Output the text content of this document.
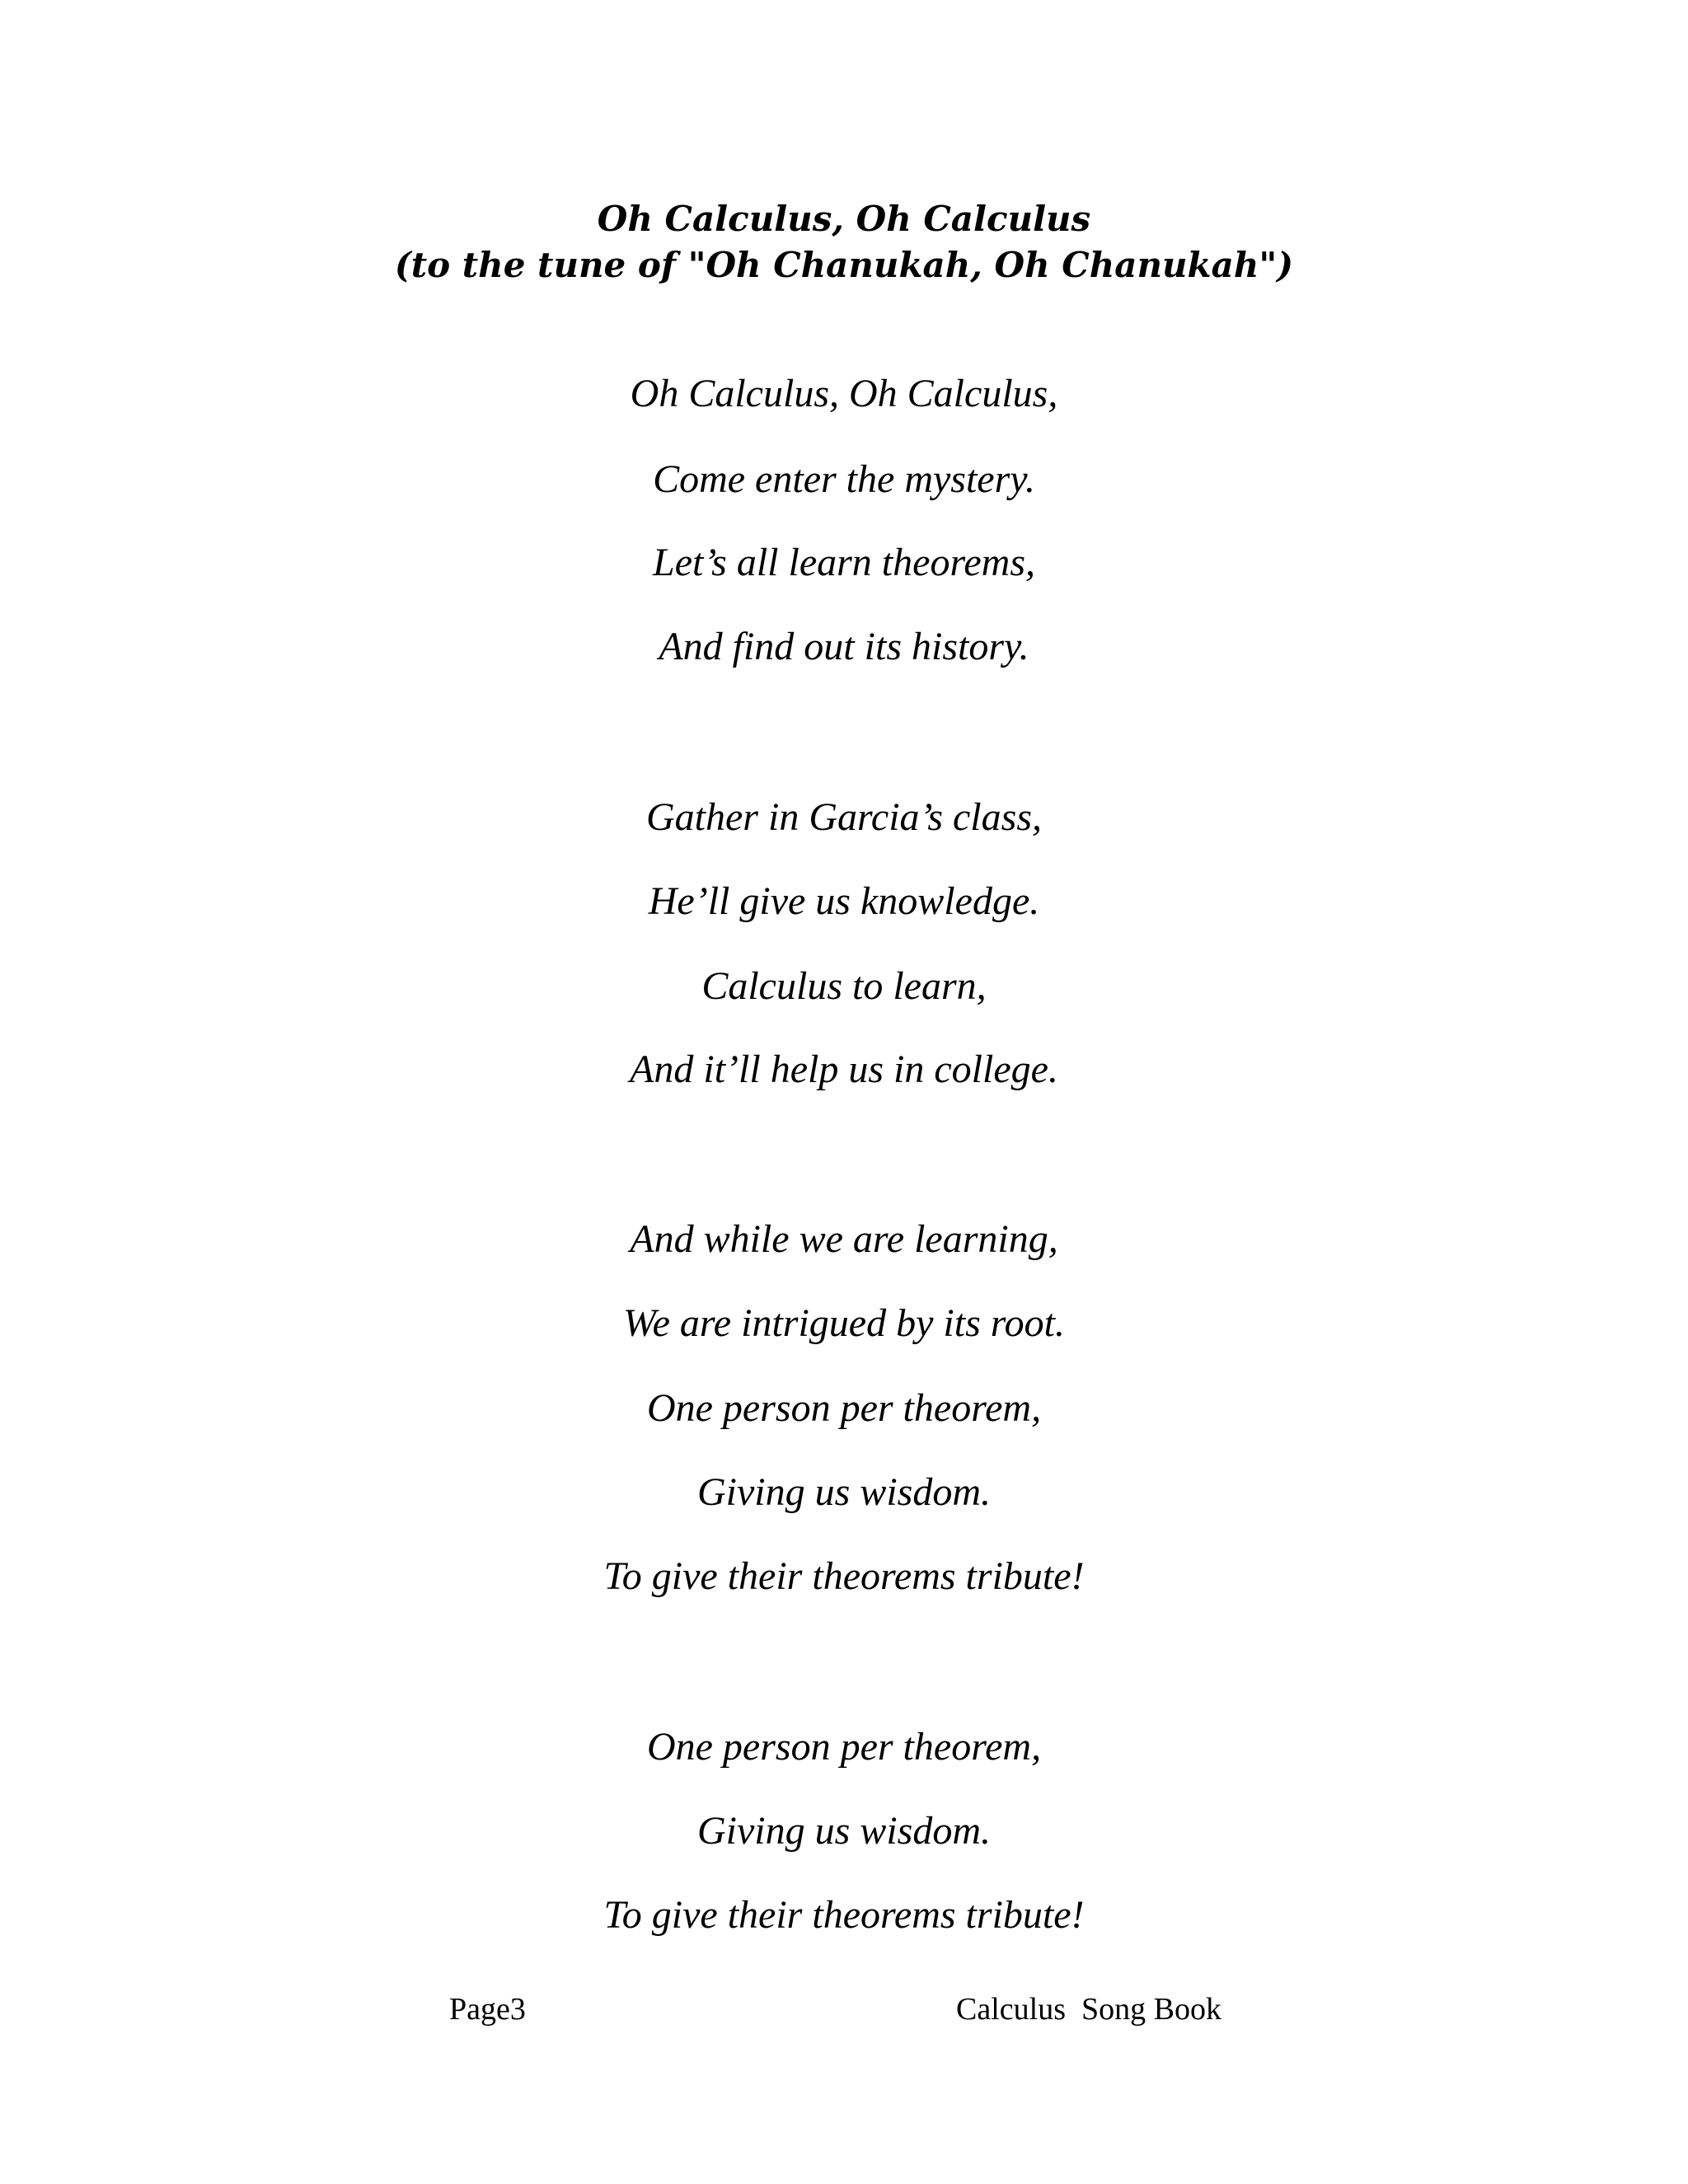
Oh Calculus, Oh Calculus
(to the tune of "Oh Chanukah, Oh Chanukah")
Oh Calculus, Oh Calculus,
Come enter the mystery.
Let’s all learn theorems,
And find out its history.
Gather in Garcia’s class,
He’ll give us knowledge.
Calculus to learn,
And it’ll help us in college.
And while we are learning,
We are intrigued by its root.
One person per theorem,
Giving us wisdom.
To give their theorems tribute!
One person per theorem,
Giving us wisdom.
To give their theorems tribute!
Page3	Calculus  Song Book
